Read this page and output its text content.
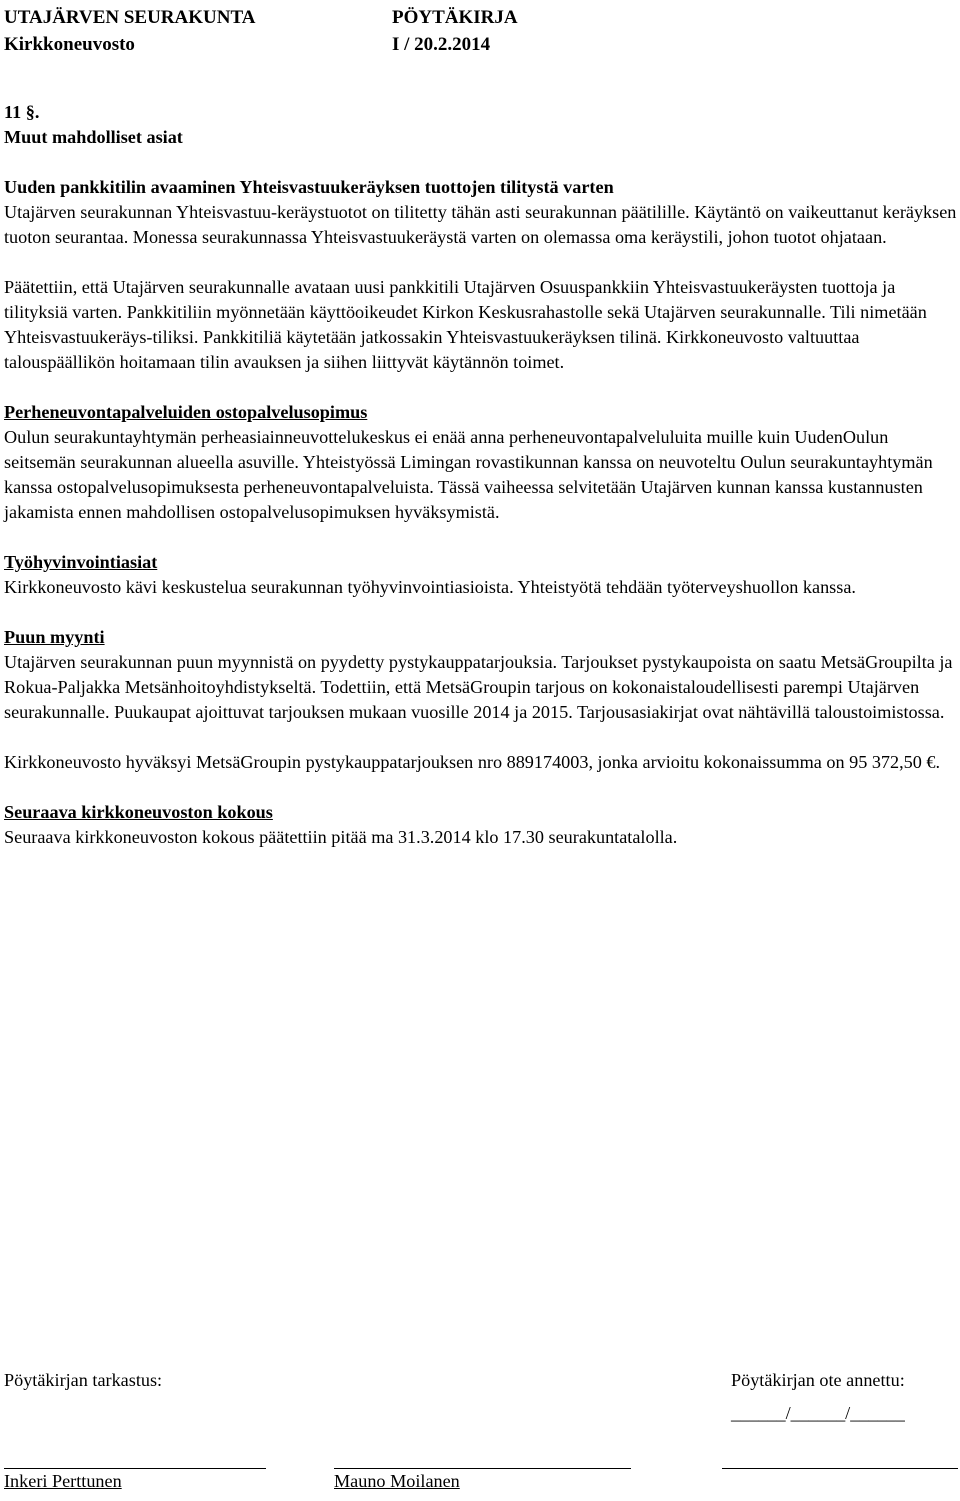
UTAJÄRVEN SEURAKUNTA	PÖYTÄKIRJA
Kirkkoneuvosto	I / 20.2.2014

11 §.

Muut mahdolliset asiat

Uuden pankkitilin avaaminen Yhteisvastuukeräyksen tuottojen tilitystä varten

Utajärven seurakunnan Yhteisvastuu-keräystuotot on tilitetty tähän asti seurakunnan päätilille. Käytäntö on vaikeuttanut keräyksen tuoton seurantaa. Monessa seurakunnassa Yhteisvastuukeräystä varten on olemassa oma keräystili, johon tuotot ohjataan.

Päätettiin, että Utajärven seurakunnalle avataan uusi pankkitili Utajärven Osuuspankkiin Yhteisvastuukeräysten tuottoja ja tilityksiä varten. Pankkitiliin myönnetään käyttöoikeudet Kirkon Keskusrahastolle sekä Utajärven seurakunnalle. Tili nimetään Yhteisvastuukeräys-tiliksi. Pankkitiliä käytetään jatkossakin Yhteisvastuukeräyksen tilinä. Kirkkoneuvosto valtuuttaa talouspäällikön hoitamaan tilin avauksen ja siihen liittyvät käytännön toimet.

Perheneuvontapalveluiden ostopalvelusopimus

Oulun seurakuntayhtymän perheasiainneuvottelukeskus ei enää anna perheneuvontapalveluluita muille kuin UudenOulun seitsemän seurakunnan alueella asuville. Yhteistyössä Limingan rovastikunnan kanssa on neuvoteltu Oulun seurakuntayhtymän kanssa ostopalvelusopimuksesta perheneuvontapalveluista. Tässä vaiheessa selvitetään Utajärven kunnan kanssa kustannusten jakamista ennen mahdollisen ostopalvelusopimuksen hyväksymistä.

Työhyvinvointiasiat

Kirkkoneuvosto kävi keskustelua seurakunnan työhyvinvointiasioista. Yhteistyötä tehdään työterveyshuollon kanssa.

Puun myynti

Utajärven seurakunnan puun myynnistä on pyydetty pystykauppatarjouksia. Tarjoukset pystykaupoista on saatu MetsäGroupilta ja Rokua-Paljakka Metsänhoitoyhdistykseltä. Todettiin, että MetsäGroupin tarjous on kokonaistaloudellisesti parempi Utajärven seurakunnalle. Puukaupat ajoittuvat tarjouksen mukaan vuosille 2014 ja 2015. Tarjousasiakirjat ovat nähtävillä taloustoimistossa.

Kirkkoneuvosto hyväksyi MetsäGroupin pystykauppatarjouksen nro 889174003, jonka arvioitu kokonaissumma on 95 372,50 €.

Seuraava kirkkoneuvoston kokous

Seuraava kirkkoneuvoston kokous päätettiin pitää ma 31.3.2014 klo 17.30 seurakuntatalolla.

Pöytäkirjan tarkastus:	Pöytäkirjan ote annettu:
______/______/______
Inkeri Perttunen	Mauno Moilanen
